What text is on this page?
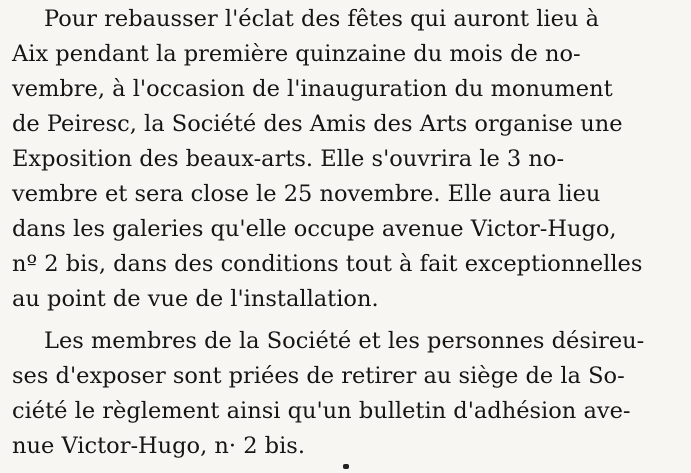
Pour rebausser l'éclat des fêtes qui auront lieu à
Aix pendant la première quinzaine du mois de no-
vembre, à l'occasion de l'inauguration du monument
de Peiresc, la Société des Amis des Arts organise une
Exposition des beaux-arts. Elle s'ouvrira le 3 no-
vembre et sera close le 25 novembre. Elle aura lieu
dans les galeries qu'elle occupe avenue Victor-Hugo,
nº 2 bis, dans des conditions tout à fait exceptionnelles
au point de vue de l'installation.
Les membres de la Société et les personnes désireu-
ses d'exposer sont priées de retirer au siège de la So-
ciété le règlement ainsi qu'un bulletin d'adhésion ave-
nue Victor-Hugo, n· 2 bis.
